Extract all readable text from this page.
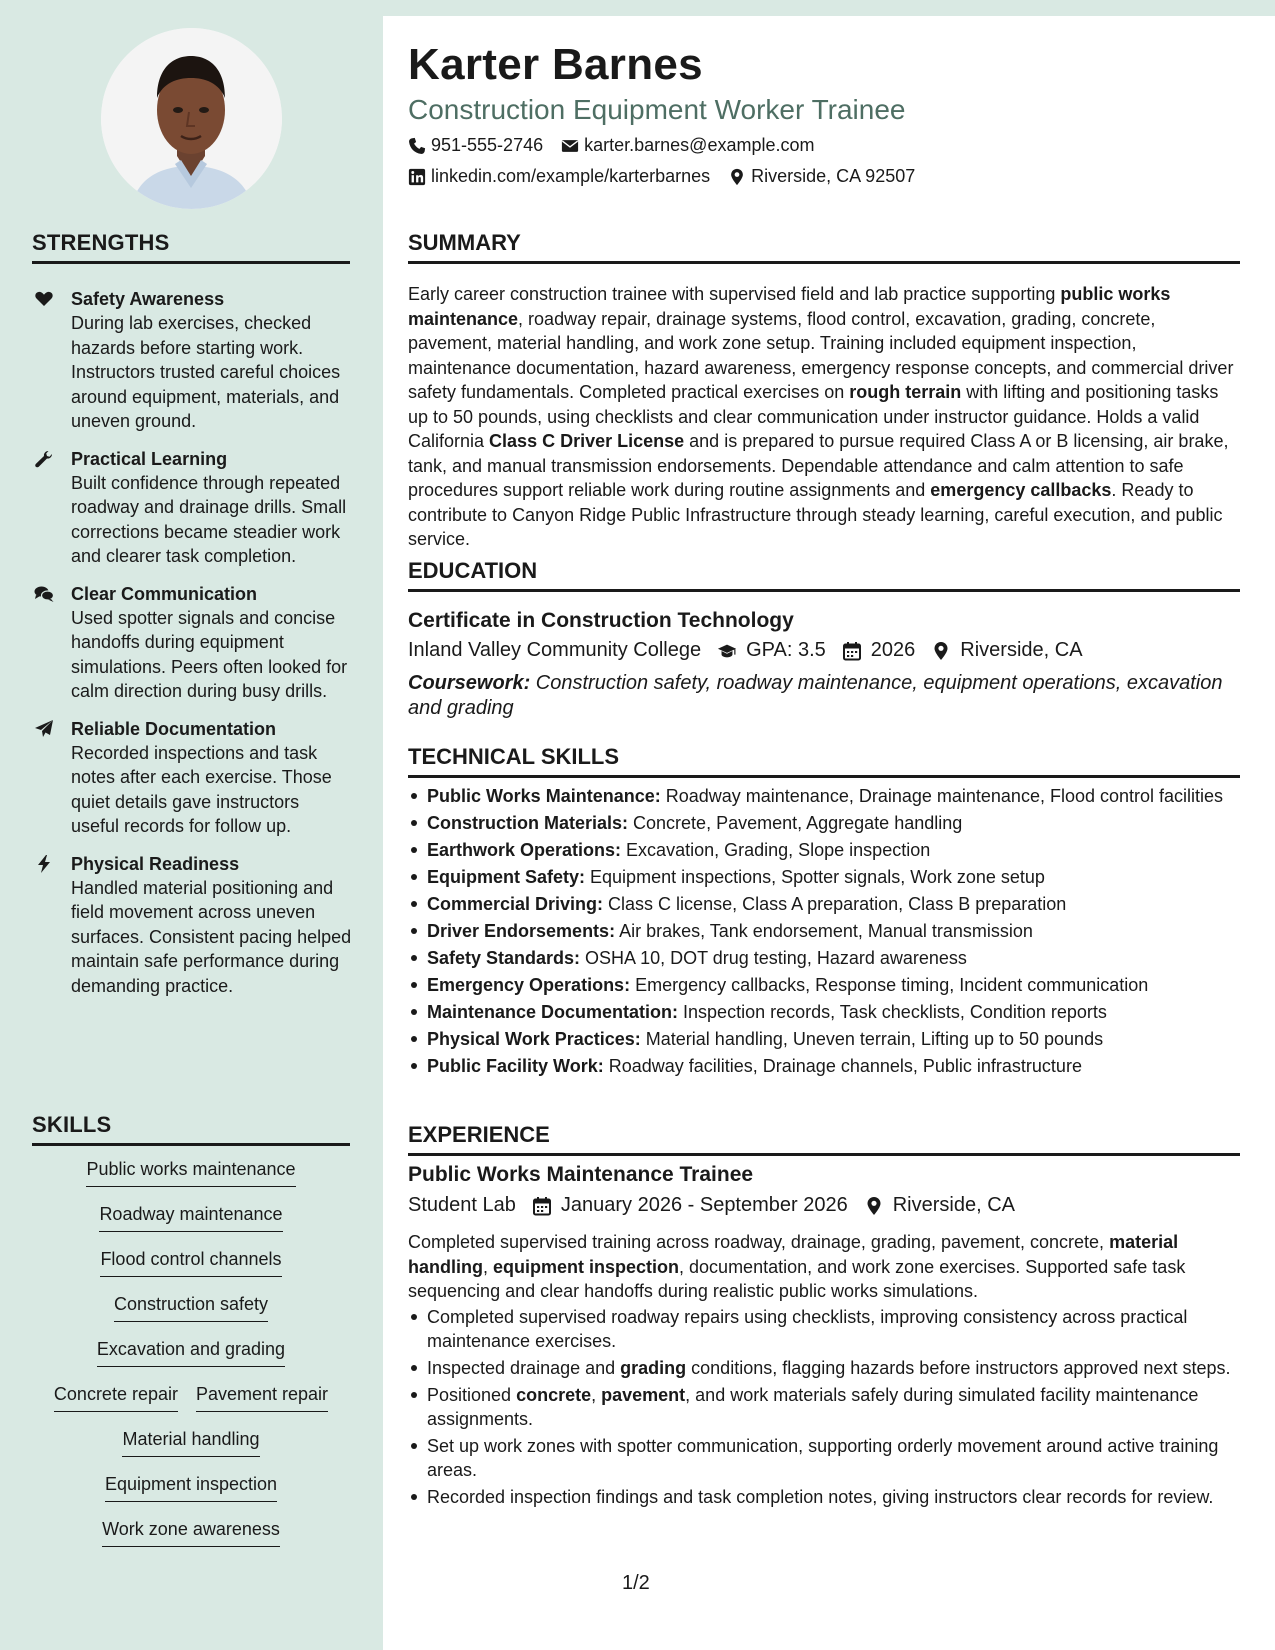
STRENGTHS
Safety Awareness
During lab exercises, checked hazards before starting work. Instructors trusted careful choices around equipment, materials, and uneven ground.
Practical Learning
Built confidence through repeated roadway and drainage drills. Small corrections became steadier work and clearer task completion.
Clear Communication
Used spotter signals and concise handoffs during equipment simulations. Peers often looked for calm direction during busy drills.
Reliable Documentation
Recorded inspections and task notes after each exercise. Those quiet details gave instructors useful records for follow up.
Physical Readiness
Handled material positioning and field movement across uneven surfaces. Consistent pacing helped maintain safe performance during demanding practice.
SKILLS
Public works maintenance
Roadway maintenance
Flood control channels
Construction safety
Excavation and grading
Concrete repair Pavement repair
Material handling
Equipment inspection
Work zone awareness
Karter Barnes
Construction Equipment Worker Trainee
951-555-2746 karter.barnes@example.com
linkedin.com/example/karterbarnes Riverside, CA 92507
SUMMARY
Early career construction trainee with supervised field and lab practice supporting public works maintenance, roadway repair, drainage systems, flood control, excavation, grading, concrete, pavement, material handling, and work zone setup. Training included equipment inspection, maintenance documentation, hazard awareness, emergency response concepts, and commercial driver safety fundamentals. Completed practical exercises on rough terrain with lifting and positioning tasks up to 50 pounds, using checklists and clear communication under instructor guidance. Holds a valid California Class C Driver License and is prepared to pursue required Class A or B licensing, air brake, tank, and manual transmission endorsements. Dependable attendance and calm attention to safe procedures support reliable work during routine assignments and emergency callbacks. Ready to contribute to Canyon Ridge Public Infrastructure through steady learning, careful execution, and public service.
EDUCATION
Certificate in Construction Technology
Inland Valley Community College GPA: 3.5 2026 Riverside, CA
Coursework: Construction safety, roadway maintenance, equipment operations, excavation and grading
TECHNICAL SKILLS
Public Works Maintenance: Roadway maintenance, Drainage maintenance, Flood control facilities
Construction Materials: Concrete, Pavement, Aggregate handling
Earthwork Operations: Excavation, Grading, Slope inspection
Equipment Safety: Equipment inspections, Spotter signals, Work zone setup
Commercial Driving: Class C license, Class A preparation, Class B preparation
Driver Endorsements: Air brakes, Tank endorsement, Manual transmission
Safety Standards: OSHA 10, DOT drug testing, Hazard awareness
Emergency Operations: Emergency callbacks, Response timing, Incident communication
Maintenance Documentation: Inspection records, Task checklists, Condition reports
Physical Work Practices: Material handling, Uneven terrain, Lifting up to 50 pounds
Public Facility Work: Roadway facilities, Drainage channels, Public infrastructure
EXPERIENCE
Public Works Maintenance Trainee
Student Lab January 2026 - September 2026 Riverside, CA
Completed supervised training across roadway, drainage, grading, pavement, concrete, material handling, equipment inspection, documentation, and work zone exercises. Supported safe task sequencing and clear handoffs during realistic public works simulations.
Completed supervised roadway repairs using checklists, improving consistency across practical maintenance exercises.
Inspected drainage and grading conditions, flagging hazards before instructors approved next steps.
Positioned concrete, pavement, and work materials safely during simulated facility maintenance assignments.
Set up work zones with spotter communication, supporting orderly movement around active training areas.
Recorded inspection findings and task completion notes, giving instructors clear records for review.
1/2
